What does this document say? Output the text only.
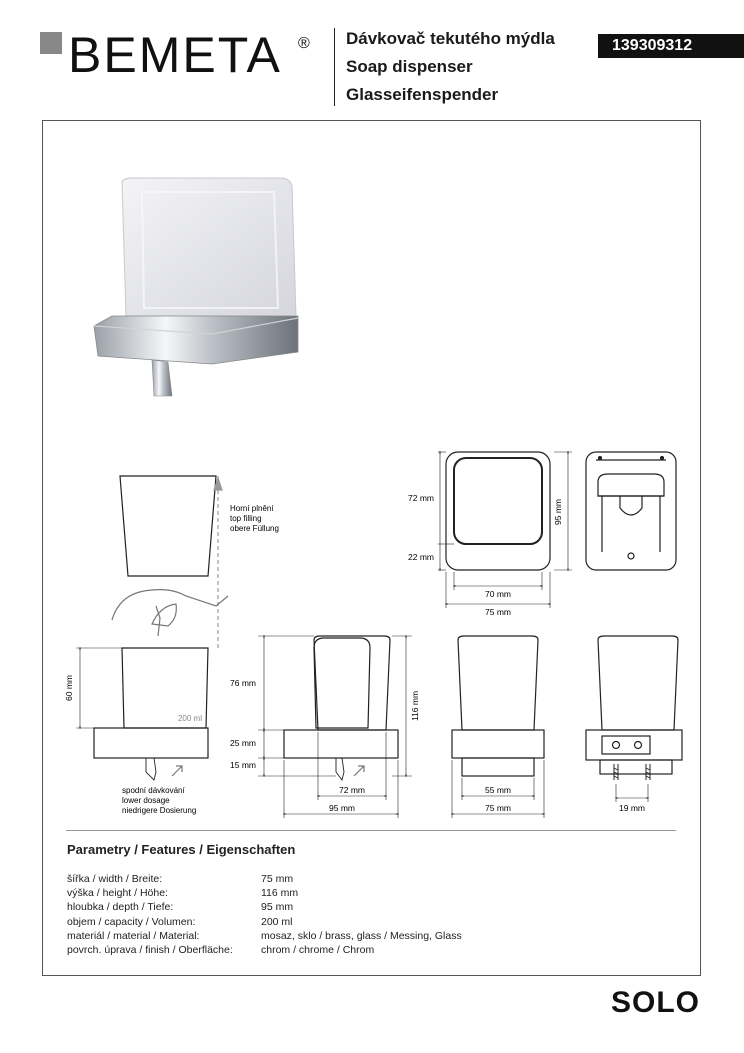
BEMETA ® Dávkovač tekutého mýdla
Soap dispenser
Glasseifenspender
139309312
72 mm
22 mm
70 mm
75 mm
95 mm
Horní plnění
top filling
obere Füllung
60 mm
200 ml
spodní dávkování
lower dosage
niedrigere Dosierung
76 mm
25 mm
15 mm
116 mm
72 mm
95 mm
55 mm
75 mm	19 mm
Parametry / Features / Eigenschaften
šířka / width / Breite:	75 mm
výška / height / Höhe:	116 mm
hloubka / depth / Tiefe:	95 mm
objem / capacity / Volumen:	200 ml
materiál / material / Material:	mosaz, sklo / brass, glass / Messing, Glass
povrch. úprava / finish / Oberfläche:	chrom / chrome / Chrom
SOLO
